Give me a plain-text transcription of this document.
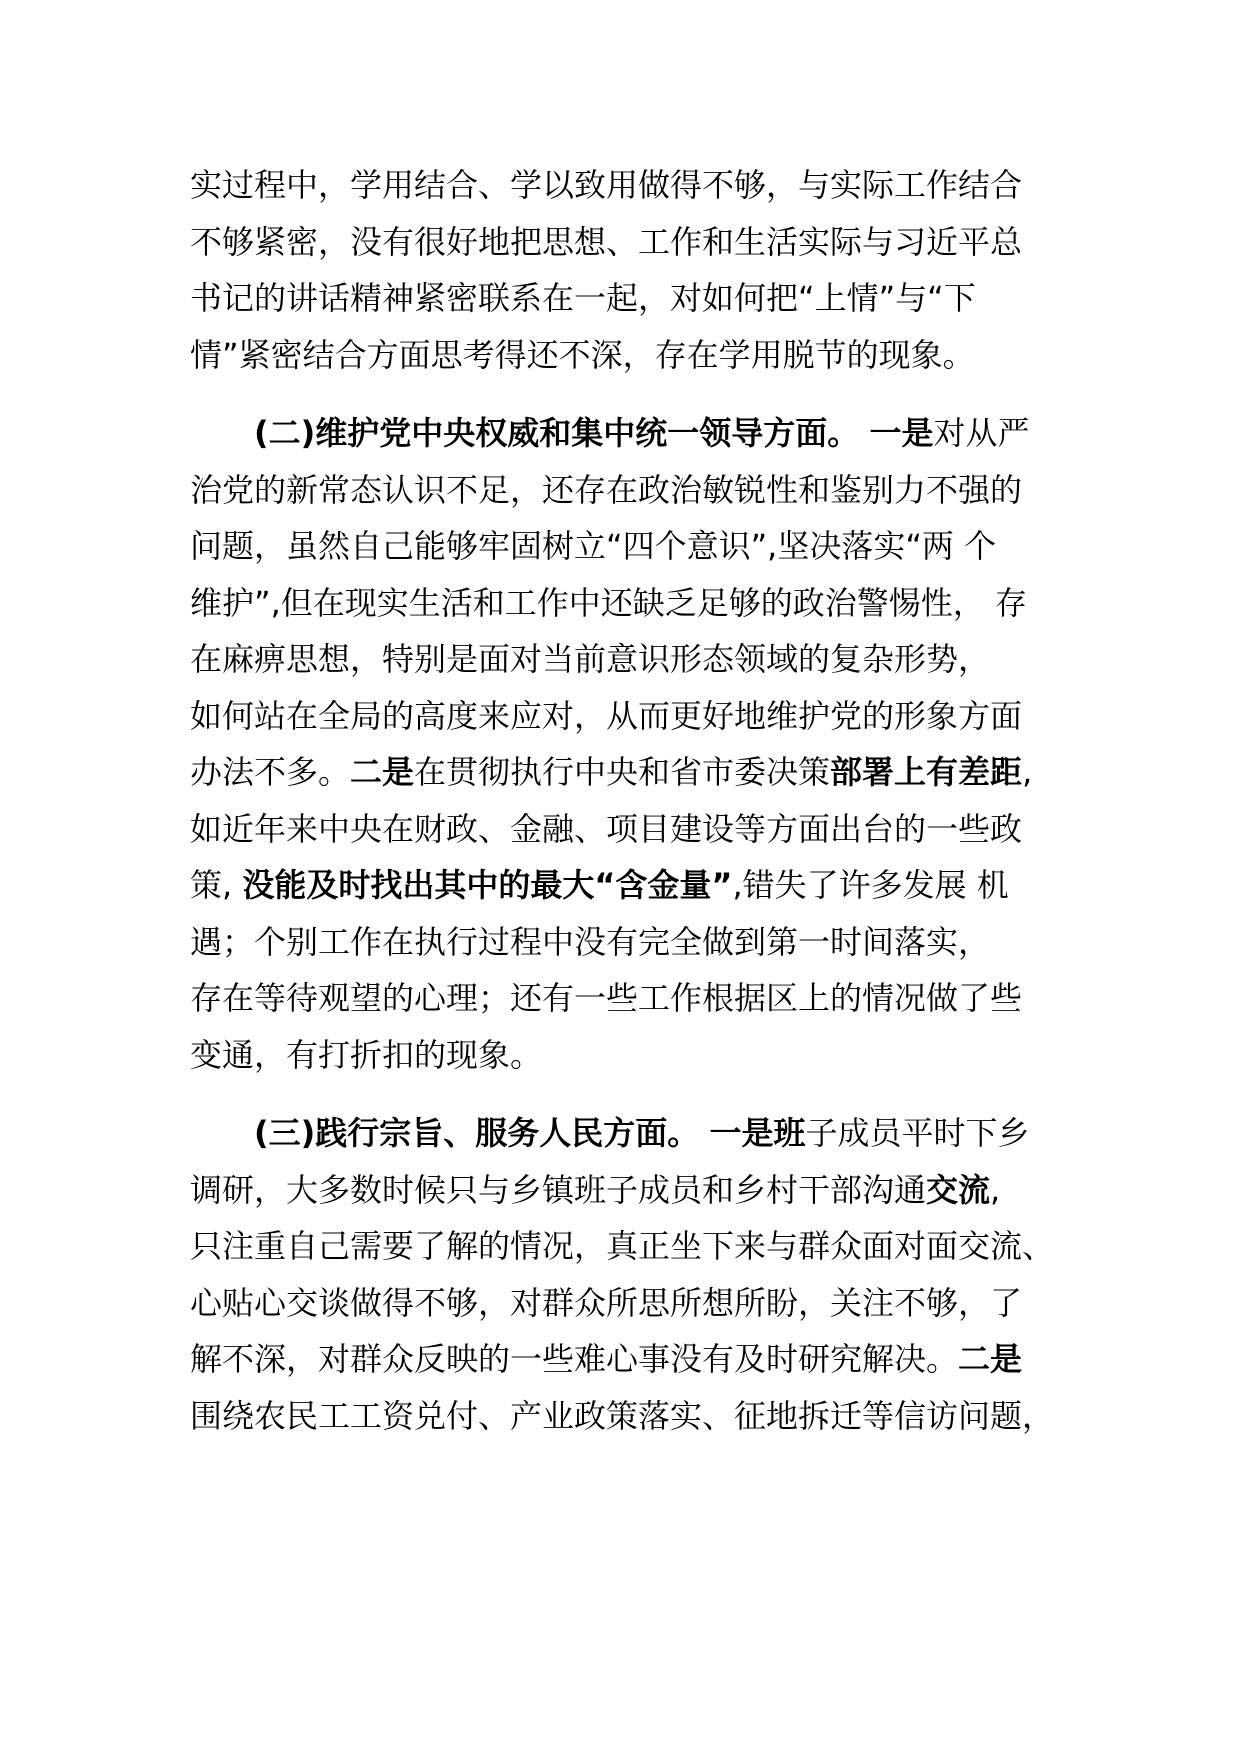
实过程中，学用结合、学以致用做得不够，与实际工作结合
不够紧密，没有很好地把思想、工作和生活实际与习近平总
书记的讲话精神紧密联系在一起，对如何把“上情”与“下
情”紧密结合方面思考得还不深，存在学用脱节的现象。
(二)维护党中央权威和集中统一领导方面。 一是对从严
治党的新常态认识不足，还存在政治敏锐性和鉴别力不强的
问题，虽然自己能够牢固树立“四个意识”,坚决落实“两 个
维护”,但在现实生活和工作中还缺乏足够的政治警惕性， 存
在麻痹思想，特别是面对当前意识形态领域的复杂形势，
如何站在全局的高度来应对，从而更好地维护党的形象方面
办法不多。二是在贯彻执行中央和省市委决策部署上有差距,
如近年来中央在财政、金融、项目建设等方面出台的一些政
策, 没能及时找出其中的最大“含金量”,错失了许多发展 机
遇；个别工作在执行过程中没有完全做到第一时间落实，
存在等待观望的心理；还有一些工作根据区上的情况做了些
变通，有打折扣的现象。
(三)践行宗旨、服务人民方面。 一是班子成员平时下乡
调研，大多数时候只与乡镇班子成员和乡村干部沟通交流,
只注重自己需要了解的情况，真正坐下来与群众面对面交流、
心贴心交谈做得不够，对群众所思所想所盼，关注不够，了
解不深，对群众反映的一些难心事没有及时研究解决。二是
围绕农民工工资兑付、产业政策落实、征地拆迁等信访问题，
